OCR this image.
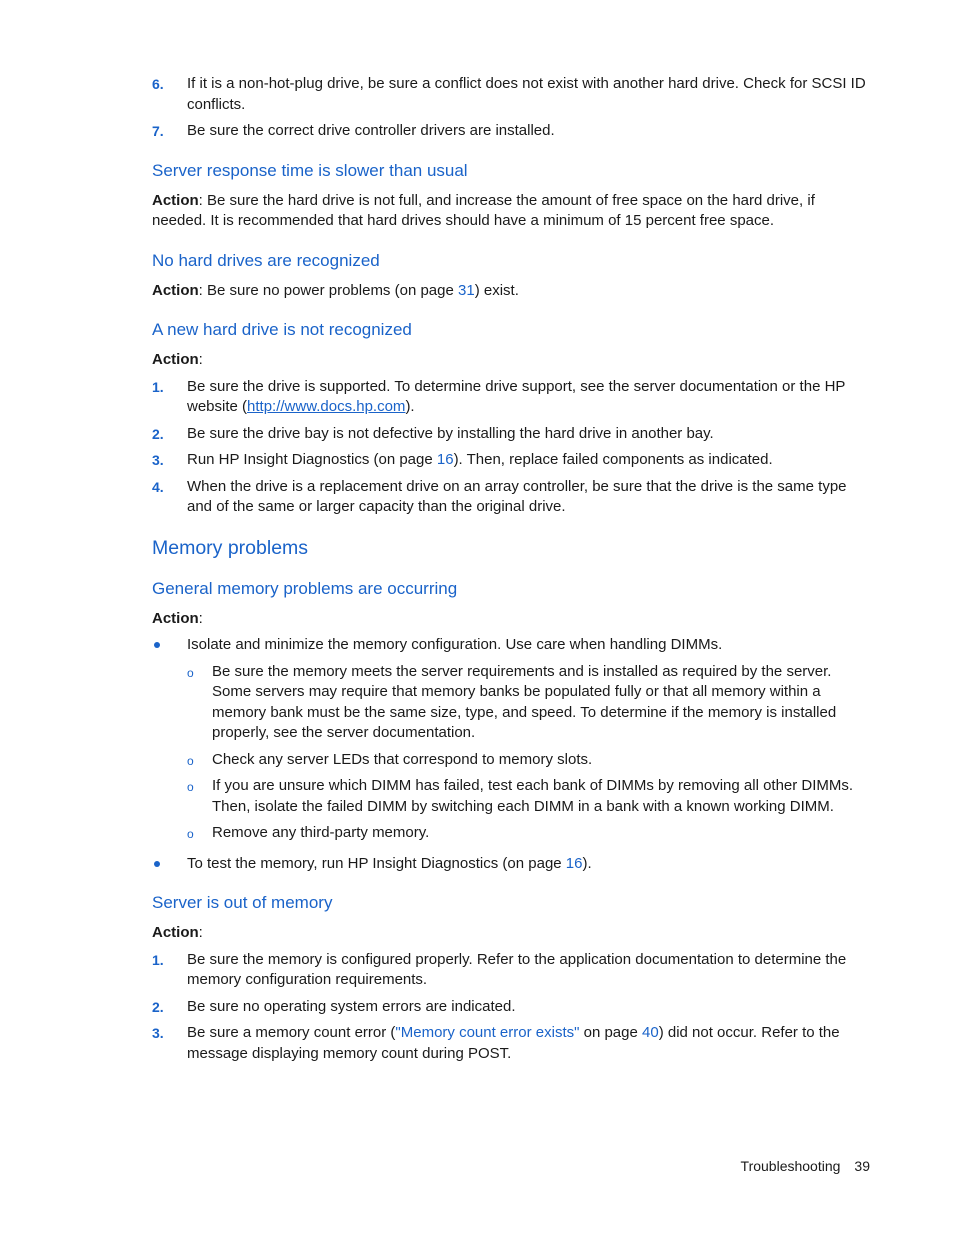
6. If it is a non-hot-plug drive, be sure a conflict does not exist with another hard drive. Check for SCSI ID conflicts.
7. Be sure the correct drive controller drivers are installed.
Server response time is slower than usual
Action: Be sure the hard drive is not full, and increase the amount of free space on the hard drive, if needed. It is recommended that hard drives should have a minimum of 15 percent free space.
No hard drives are recognized
Action: Be sure no power problems (on page 31) exist.
A new hard drive is not recognized
Action:
1. Be sure the drive is supported. To determine drive support, see the server documentation or the HP website (http://www.docs.hp.com).
2. Be sure the drive bay is not defective by installing the hard drive in another bay.
3. Run HP Insight Diagnostics (on page 16). Then, replace failed components as indicated.
4. When the drive is a replacement drive on an array controller, be sure that the drive is the same type and of the same or larger capacity than the original drive.
Memory problems
General memory problems are occurring
Action:
Isolate and minimize the memory configuration. Use care when handling DIMMs.
o Be sure the memory meets the server requirements and is installed as required by the server. Some servers may require that memory banks be populated fully or that all memory within a memory bank must be the same size, type, and speed. To determine if the memory is installed properly, see the server documentation.
o Check any server LEDs that correspond to memory slots.
o If you are unsure which DIMM has failed, test each bank of DIMMs by removing all other DIMMs. Then, isolate the failed DIMM by switching each DIMM in a bank with a known working DIMM.
o Remove any third-party memory.
To test the memory, run HP Insight Diagnostics (on page 16).
Server is out of memory
Action:
1. Be sure the memory is configured properly. Refer to the application documentation to determine the memory configuration requirements.
2. Be sure no operating system errors are indicated.
3. Be sure a memory count error ("Memory count error exists" on page 40) did not occur. Refer to the message displaying memory count during POST.
Troubleshooting 39
